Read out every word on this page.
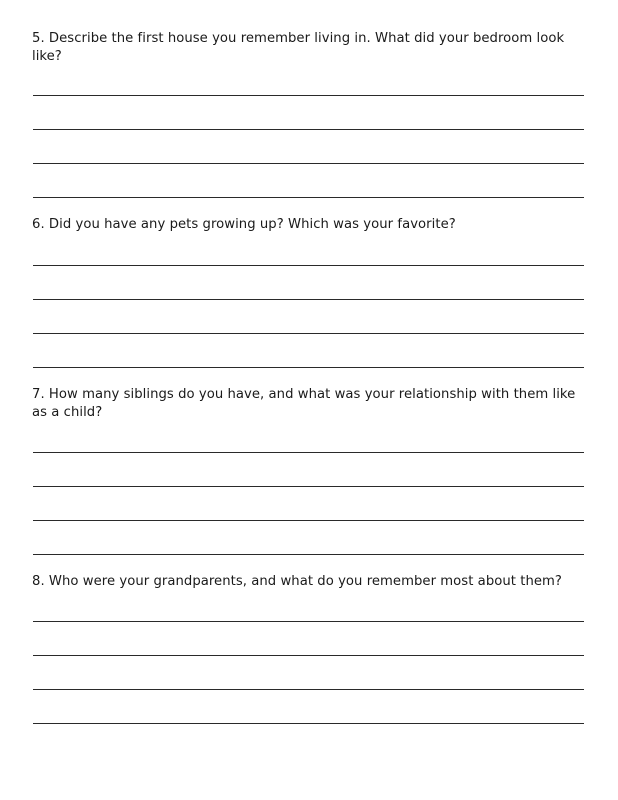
5. Describe the first house you remember living in. What did your bedroom look like?
6. Did you have any pets growing up? Which was your favorite?
7. How many siblings do you have, and what was your relationship with them like as a child?
8. Who were your grandparents, and what do you remember most about them?
